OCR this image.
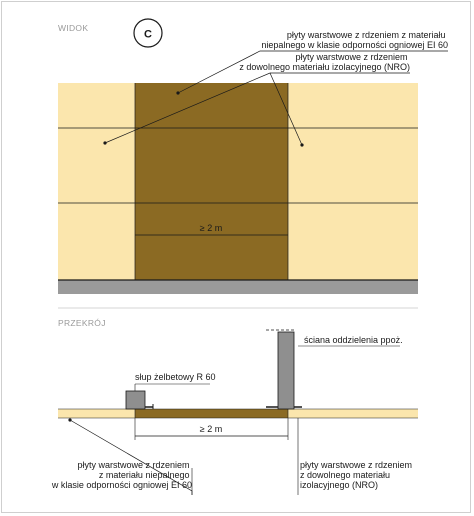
WIDOK
C
≥ 2 m
płyty warstwowe z rdzeniem z materiału niepalnego w klasie odporności ogniowej EI 60
płyty warstwowe z rdzeniem z dowolnego materiału izolacyjnego (NRO)
PRZEKRÓJ
słup żelbetowy R 60
ściana oddzielenia ppoż.
≥ 2 m
płyty warstwowe z rdzeniem z materiału niepalnego w klasie odporności ogniowej EI 60
płyty warstwowe z rdzeniem z dowolnego materiału izolacyjnego (NRO)
